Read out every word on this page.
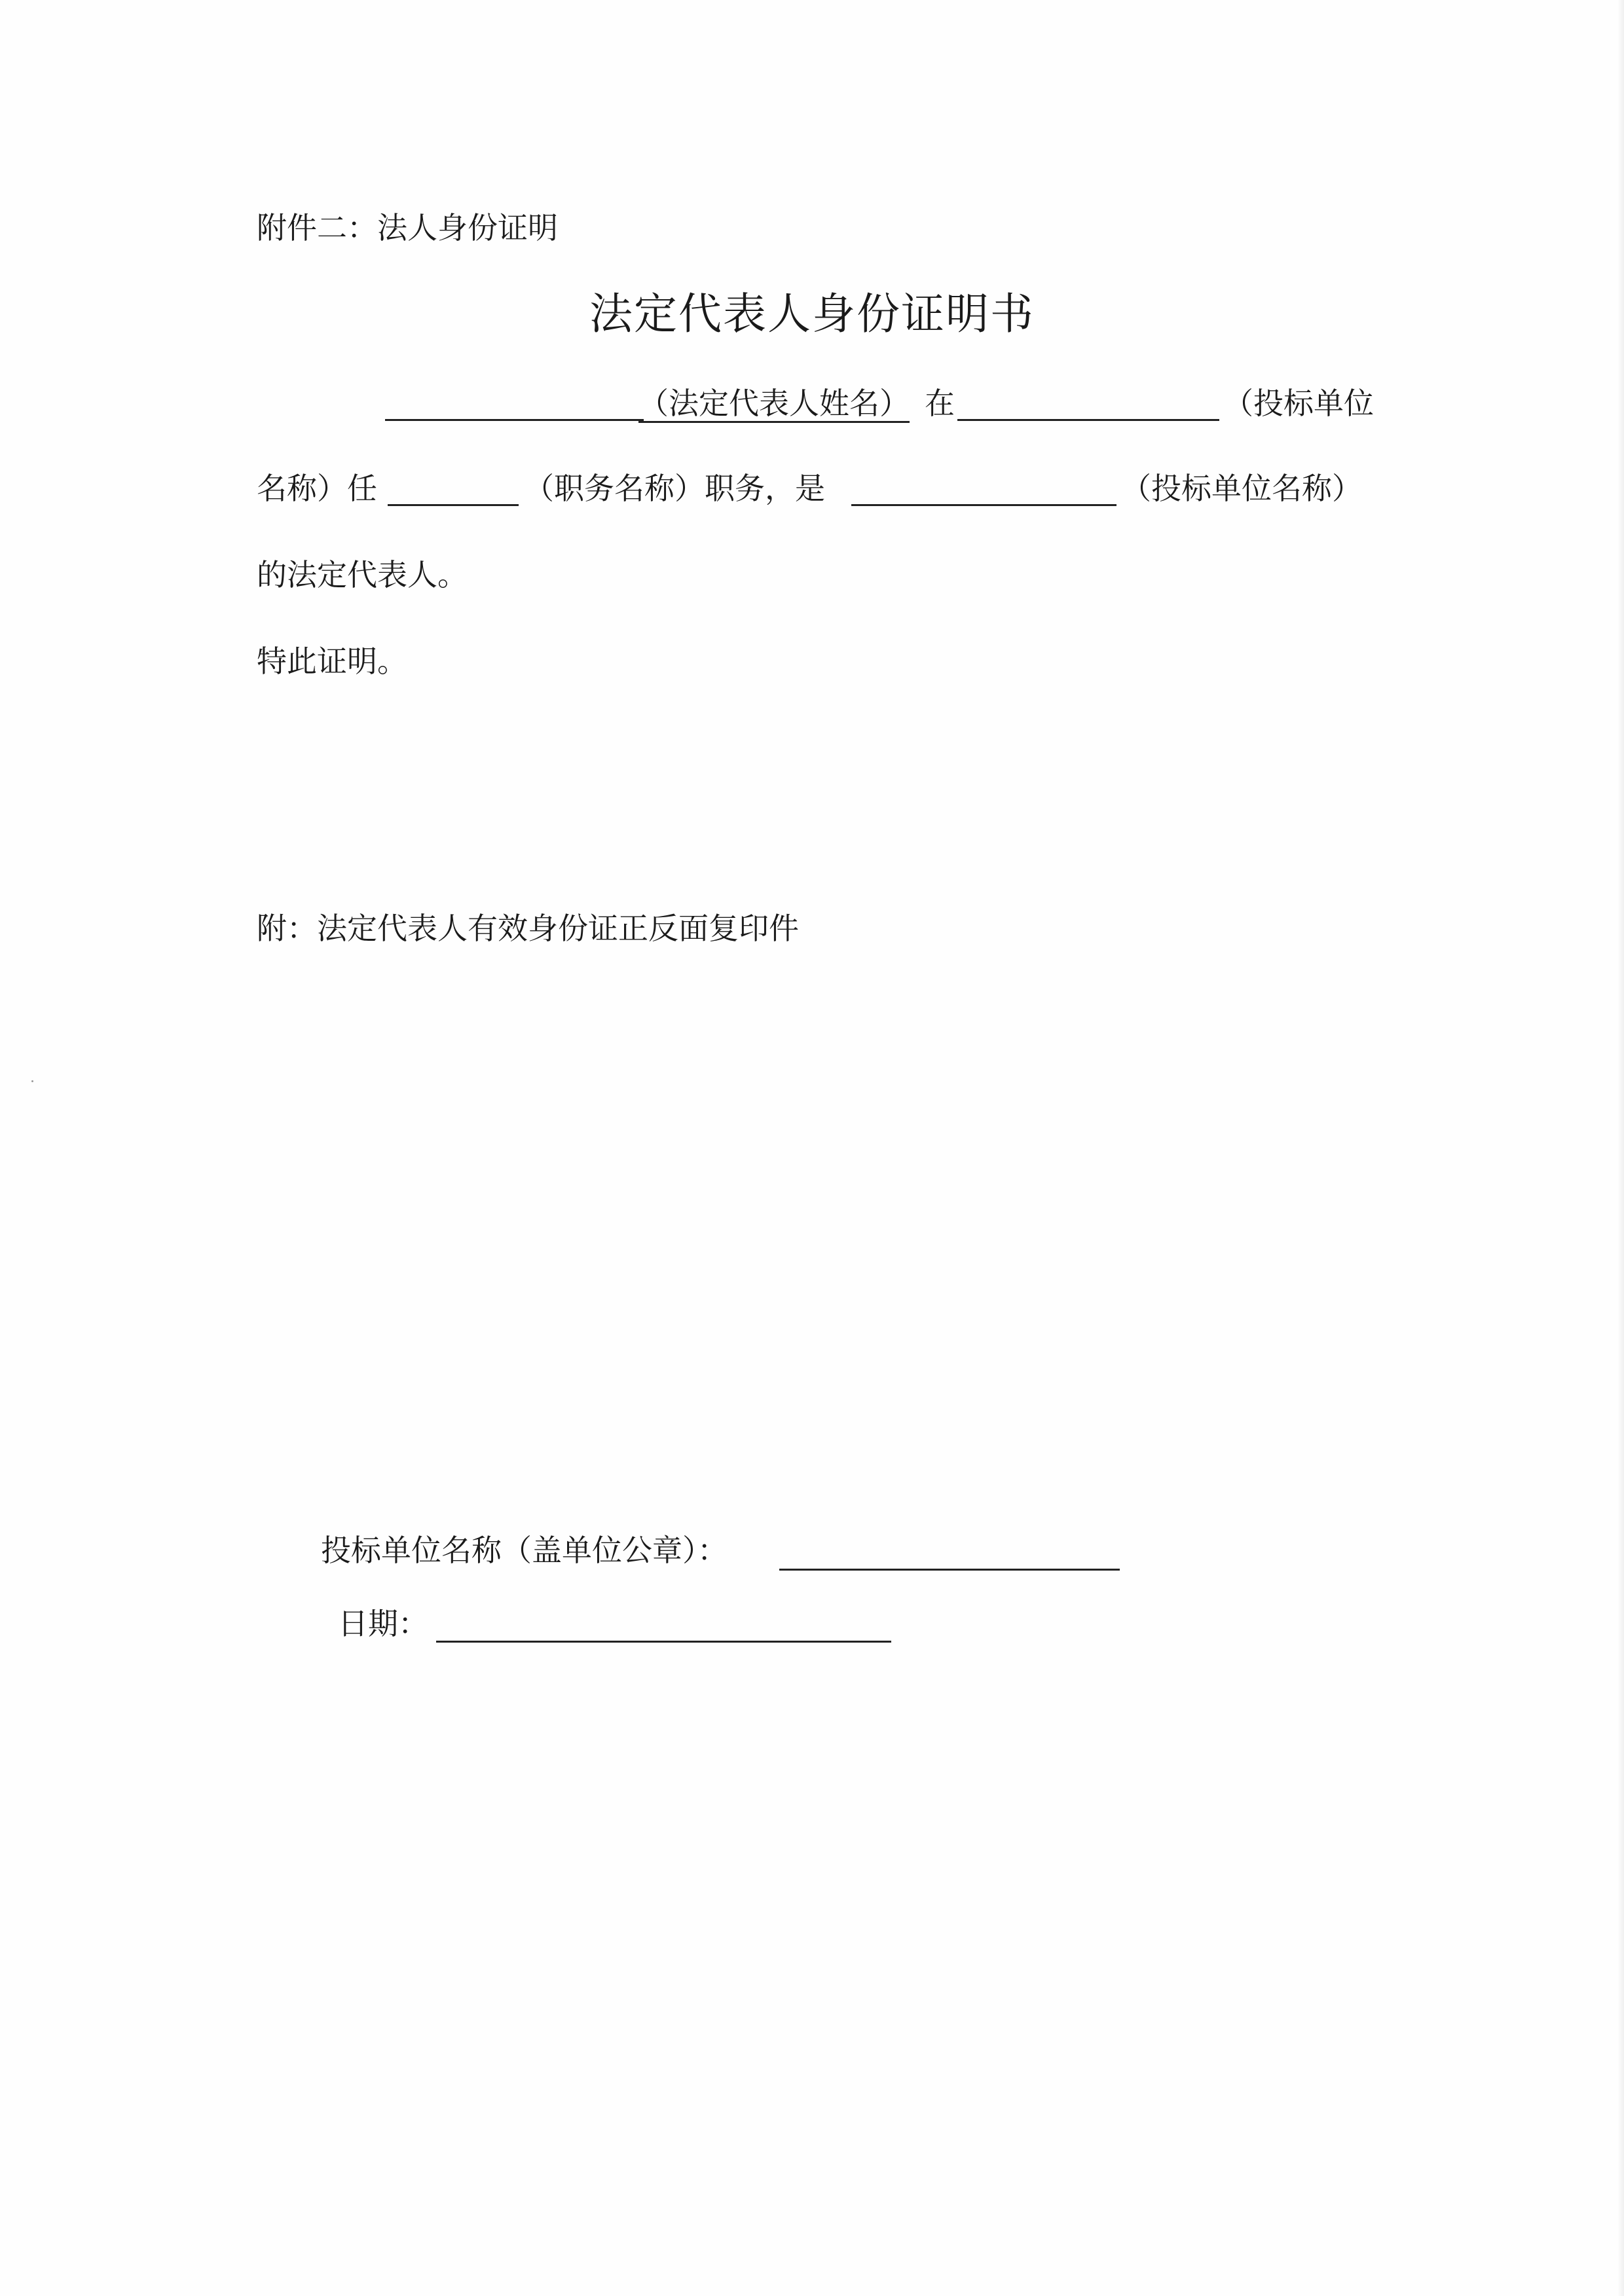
附件二：法人身份证明
法定代表人身份证明书
（法定代表人姓名） 在	（投标单位
名称）任	（职务名称）职务，是	（投标单位名称）
的法定代表人。
特此证明。
附：法定代表人有效身份证正反面复印件
投标单位名称（盖单位公章）：
日期：
